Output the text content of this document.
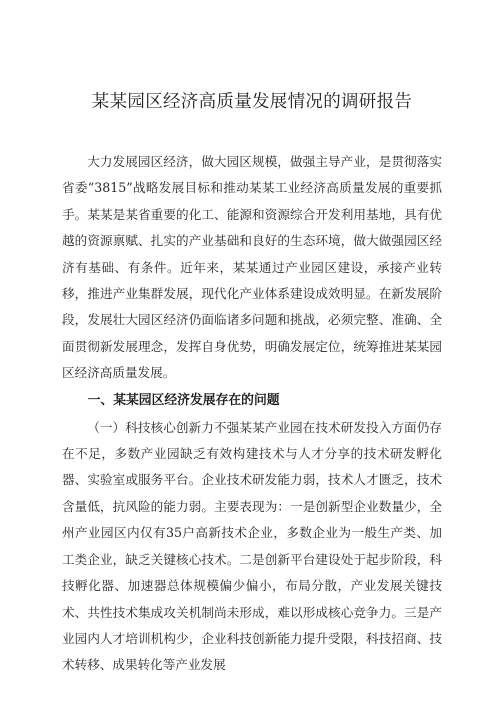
某某园区经济高质量发展情况的调研报告

大力发展园区经济，做大园区规模，做强主导产业，是贯彻落实省委“3815”战略发展目标和推动某某工业经济高质量发展的重要抓手。某某是某省重要的化工、能源和资源综合开发利用基地，具有优越的资源禀赋、扎实的产业基础和良好的生态环境，做大做强园区经济有基础、有条件。近年来，某某通过产业园区建设，承接产业转移，推进产业集群发展，现代化产业体系建设成效明显。在新发展阶段，发展壮大园区经济仍面临诸多问题和挑战，必须完整、准确、全面贯彻新发展理念，发挥自身优势，明确发展定位，统筹推进某某园区经济高质量发展。

一、某某园区经济发展存在的问题

（一）科技核心创新力不强某某产业园在技术研发投入方面仍存在不足，多数产业园缺乏有效构建技术与人才分享的技术研发孵化器、实验室或服务平台。企业技术研发能力弱，技术人才匮乏，技术含量低，抗风险的能力弱。主要表现为：一是创新型企业数量少，全州产业园区内仅有35户高新技术企业，多数企业为一般生产类、加工类企业，缺乏关键核心技术。二是创新平台建设处于起步阶段，科技孵化器、加速器总体规模偏少偏小，布局分散，产业发展关键技术、共性技术集成攻关机制尚未形成，难以形成核心竞争力。三是产业园内人才培训机构少，企业科技创新能力提升受限，科技招商、技术转移、成果转化等产业发展
